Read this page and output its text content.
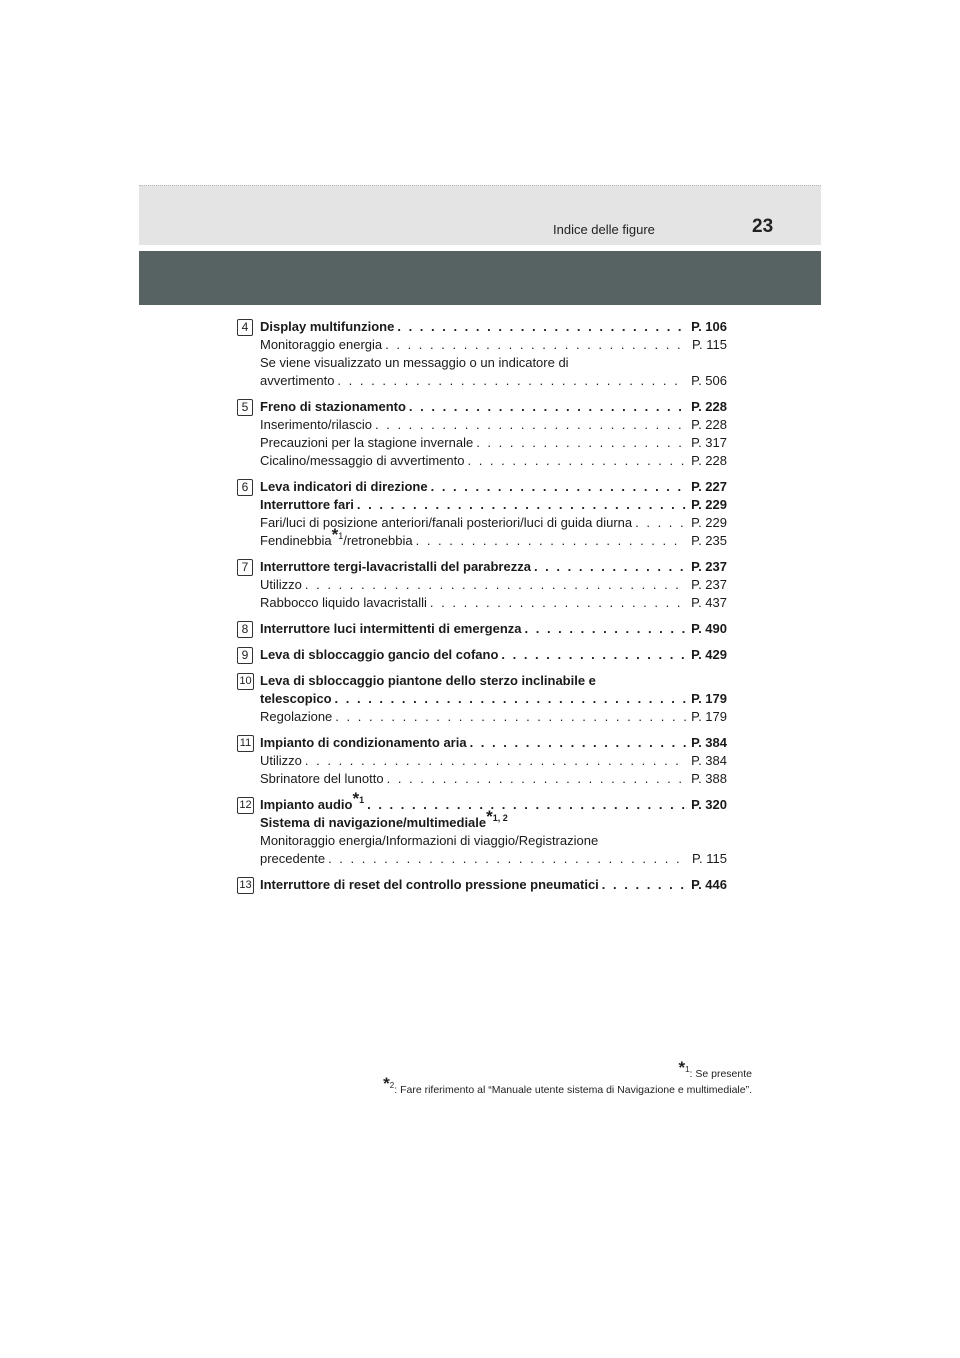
Indice delle figure	23
4 Display multifunzione . . .	P. 106
Monitoraggio energia . . .	P. 115
Se viene visualizzato un messaggio o un indicatore di
avvertimento . . .	P. 506
5 Freno di stazionamento . . .	P. 228
Inserimento/rilascio . . .	P. 228
Precauzioni per la stagione invernale . . .	P. 317
Cicalino/messaggio di avvertimento . . .	P. 228
6 Leva indicatori di direzione . . .	P. 227
Interruttore fari . . .	P. 229
Fari/luci di posizione anteriori/fanali posteriori/luci di guida diurna . . .	P. 229
Fendinebbia*$^1$/retronebbia . . .	P. 235
7 Interruttore tergi-lavacristalli del parabrezza . . .	P. 237
Utilizzo . . .	P. 237
Rabbocco liquido lavacristalli . . .	P. 437
8 Interruttore luci intermittenti di emergenza . . .	P. 490
9 Leva di sbloccaggio gancio del cofano . . .	P. 429
10 Leva di sbloccaggio piantone dello sterzo inclinabile e
telescopico . . .	P. 179
Regolazione . . .	P. 179
11 Impianto di condizionamento aria . . .	P. 384
Utilizzo . . .	P. 384
Sbrinatore del lunotto . . .	P. 388
12 Impianto audio*$^1$ . . .	P. 320
Sistema di navigazione/multimediale*$^{1, 2}$
Monitoraggio energia/Informazioni di viaggio/Registrazione
precedente . . .	P. 115
13 Interruttore di reset del controllo pressione pneumatici . . .	P. 446
*$^1$: Se presente
*$^2$: Fare riferimento al “Manuale utente sistema di Navigazione e multimediale”.
